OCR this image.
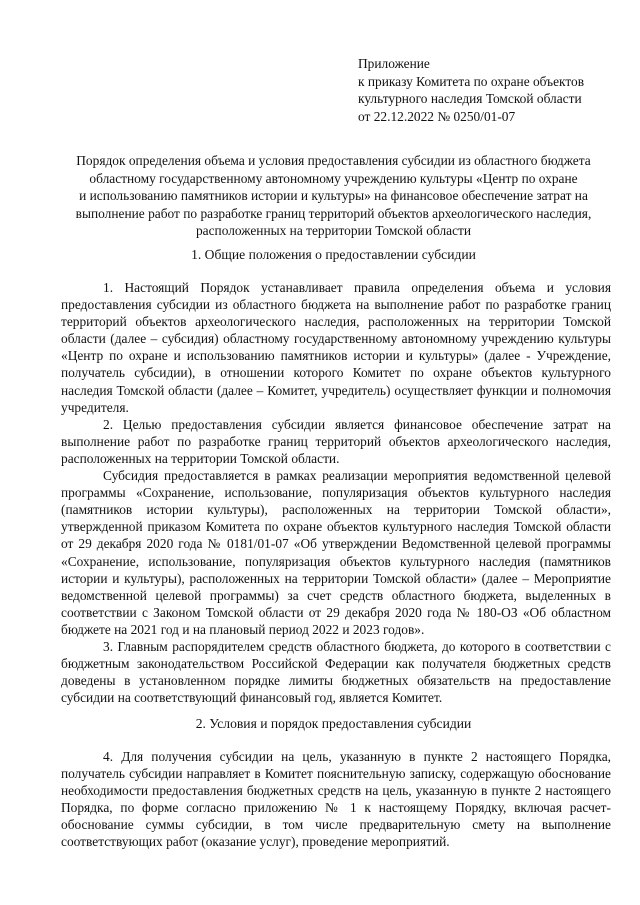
Приложение
к приказу Комитета по охране объектов
культурного наследия Томской области
от 22.12.2022 № 0250/01-07
Порядок определения объема и условия предоставления субсидии из областного бюджета
областному государственному автономному учреждению культуры «Центр по охране
и использованию памятников истории и культуры» на финансовое обеспечение затрат на
выполнение работ по разработке границ территорий объектов археологического наследия,
расположенных на территории Томской области
1. Общие положения о предоставлении субсидии

1. Настоящий Порядок устанавливает правила определения объема и условия предоставления субсидии из областного бюджета на выполнение работ по разработке границ территорий объектов археологического наследия, расположенных на территории Томской области (далее – субсидия) областному государственному автономному учреждению культуры «Центр по охране и использованию памятников истории и культуры» (далее - Учреждение, получатель субсидии), в отношении которого Комитет по охране объектов культурного наследия Томской области (далее – Комитет, учредитель) осуществляет функции и полномочия учредителя.

2. Целью предоставления субсидии является финансовое обеспечение затрат на выполнение работ по разработке границ территорий объектов археологического наследия, расположенных на территории Томской области.

Субсидия предоставляется в рамках реализации мероприятия ведомственной целевой программы «Сохранение, использование, популяризация объектов культурного наследия (памятников истории культуры), расположенных на территории Томской области», утвержденной приказом Комитета по охране объектов культурного наследия Томской области от 29 декабря 2020 года № 0181/01-07 «Об утверждении Ведомственной целевой программы «Сохранение, использование, популяризация объектов культурного наследия (памятников истории и культуры), расположенных на территории Томской области» (далее – Мероприятие ведомственной целевой программы) за счет средств областного бюджета, выделенных в соответствии с Законом Томской области от 29 декабря 2020 года № 180-ОЗ «Об областном бюджете на 2021 год и на плановый период 2022 и 2023 годов».

3. Главным распорядителем средств областного бюджета, до которого в соответствии с бюджетным законодательством Российской Федерации как получателя бюджетных средств доведены в установленном порядке лимиты бюджетных обязательств на предоставление субсидии на соответствующий финансовый год, является Комитет.

2. Условия и порядок предоставления субсидии

4. Для получения субсидии на цель, указанную в пункте 2 настоящего Порядка, получатель субсидии направляет в Комитет пояснительную записку, содержащую обоснование необходимости предоставления бюджетных средств на цель, указанную в пункте 2 настоящего Порядка, по форме согласно приложению № 1 к настоящему Порядку, включая расчет-обоснование суммы субсидии, в том числе предварительную смету на выполнение соответствующих работ (оказание услуг), проведение мероприятий.
